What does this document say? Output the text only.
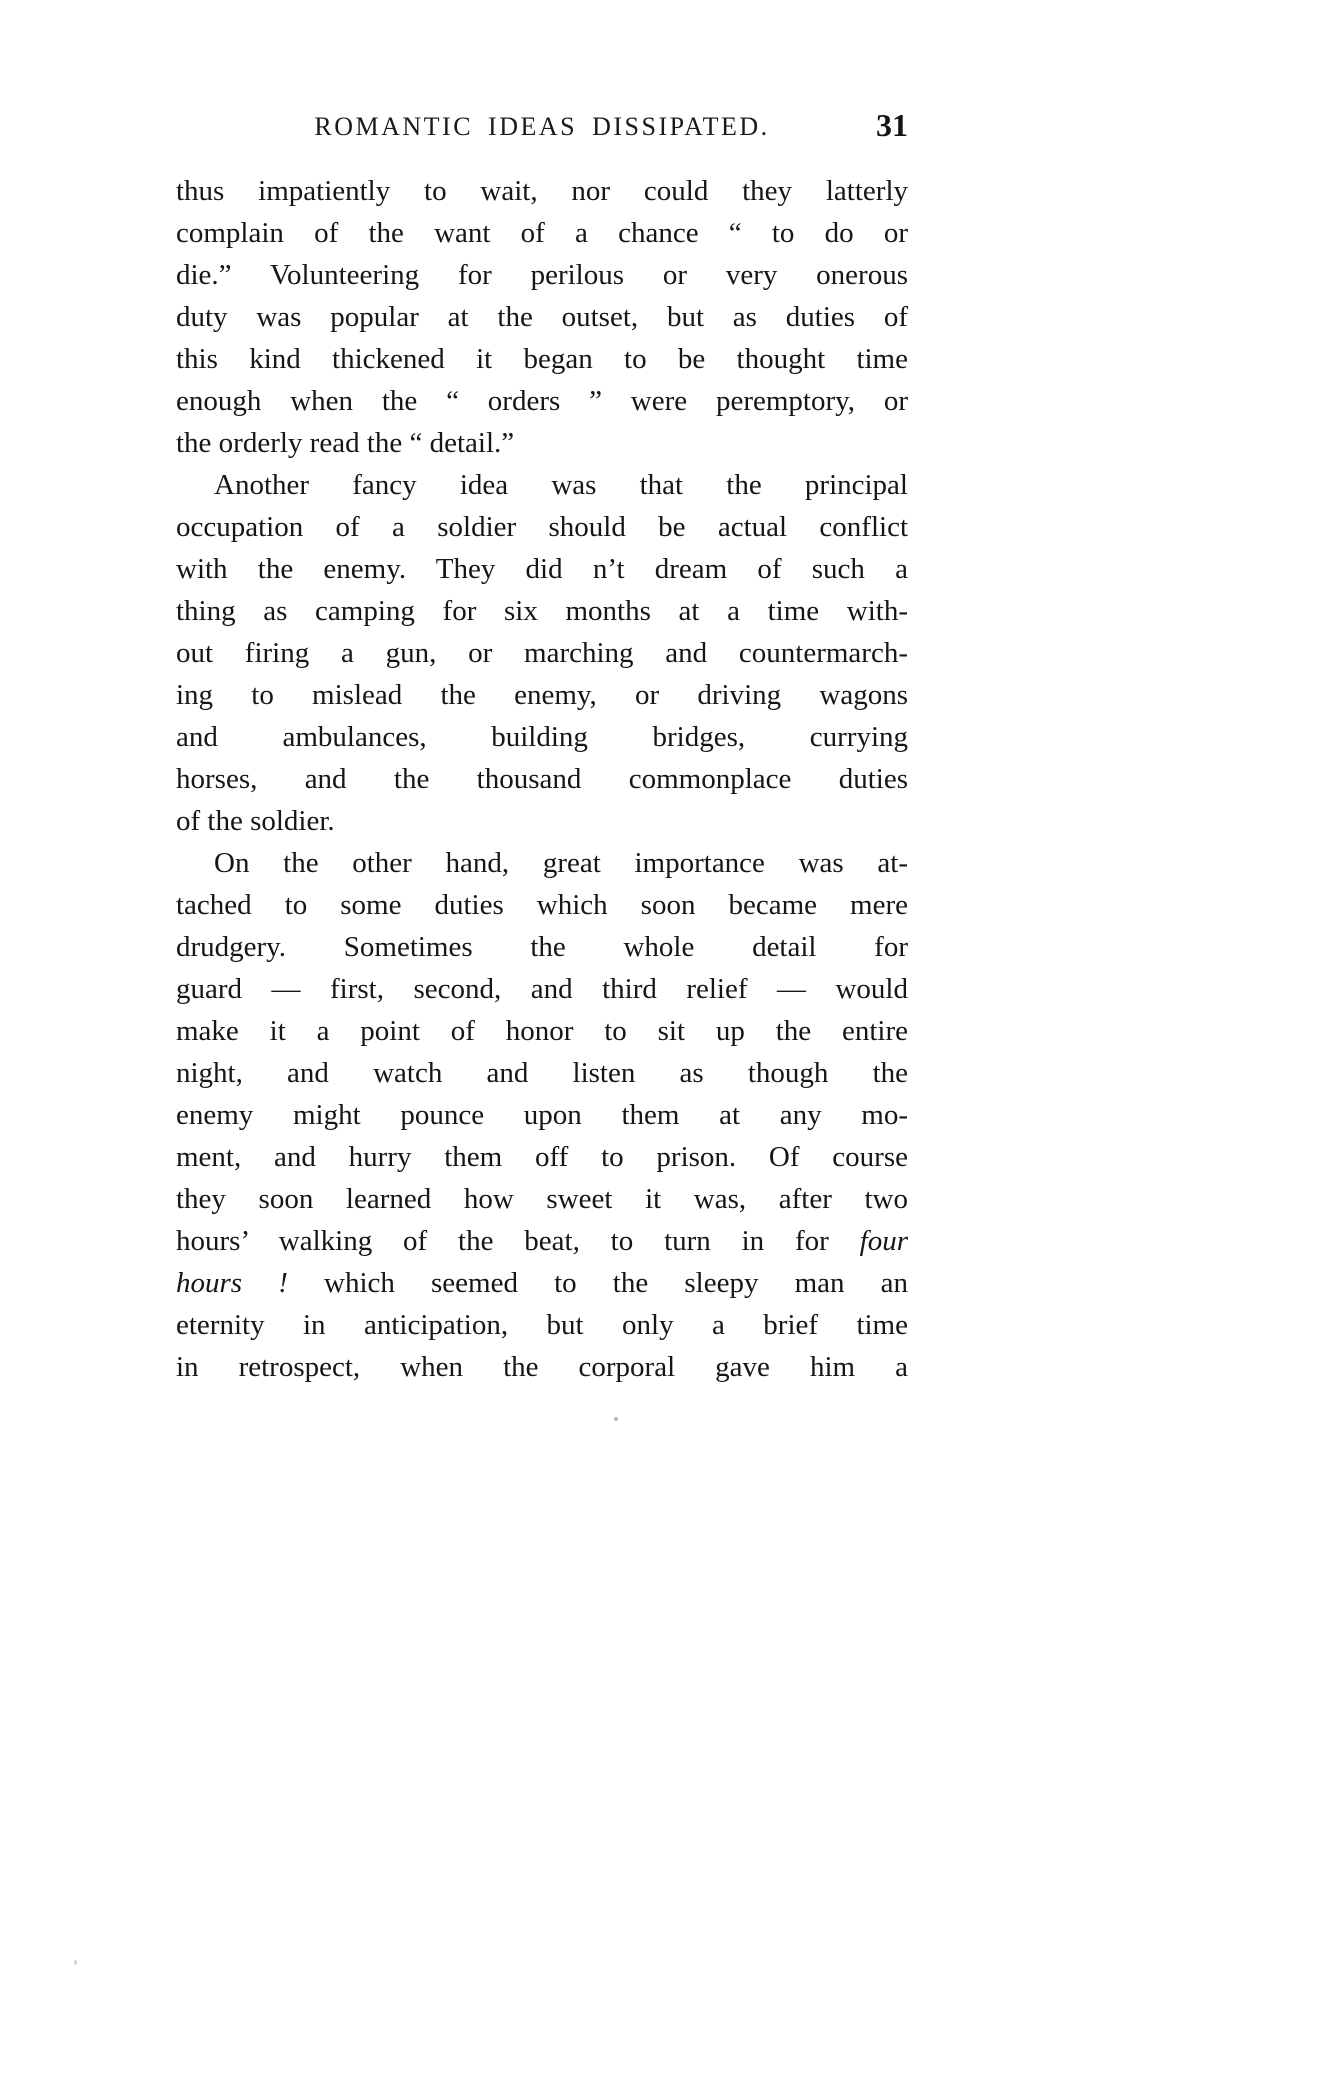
ROMANTIC IDEAS DISSIPATED.	31
thus impatiently to wait, nor could they latterly
complain of the want of a chance “ to do or
die.” Volunteering for perilous or very onerous
duty was popular at the outset, but as duties of
this kind thickened it began to be thought time
enough when the “ orders ” were peremptory, or
the orderly read the “ detail.”
Another fancy idea was that the principal
occupation of a soldier should be actual conflict
with the enemy. They did n’t dream of such a
thing as camping for six months at a time with-
out firing a gun, or marching and countermarch-
ing to mislead the enemy, or driving wagons
and ambulances, building bridges, currying
horses, and the thousand commonplace duties
of the soldier.
On the other hand, great importance was at-
tached to some duties which soon became mere
drudgery. Sometimes the whole detail for
guard — first, second, and third relief — would
make it a point of honor to sit up the entire
night, and watch and listen as though the
enemy might pounce upon them at any mo-
ment, and hurry them off to prison. Of course
they soon learned how sweet it was, after two
hours’ walking of the beat, to turn in for four
hours ! which seemed to the sleepy man an
eternity in anticipation, but only a brief time
in retrospect, when the corporal gave him a
